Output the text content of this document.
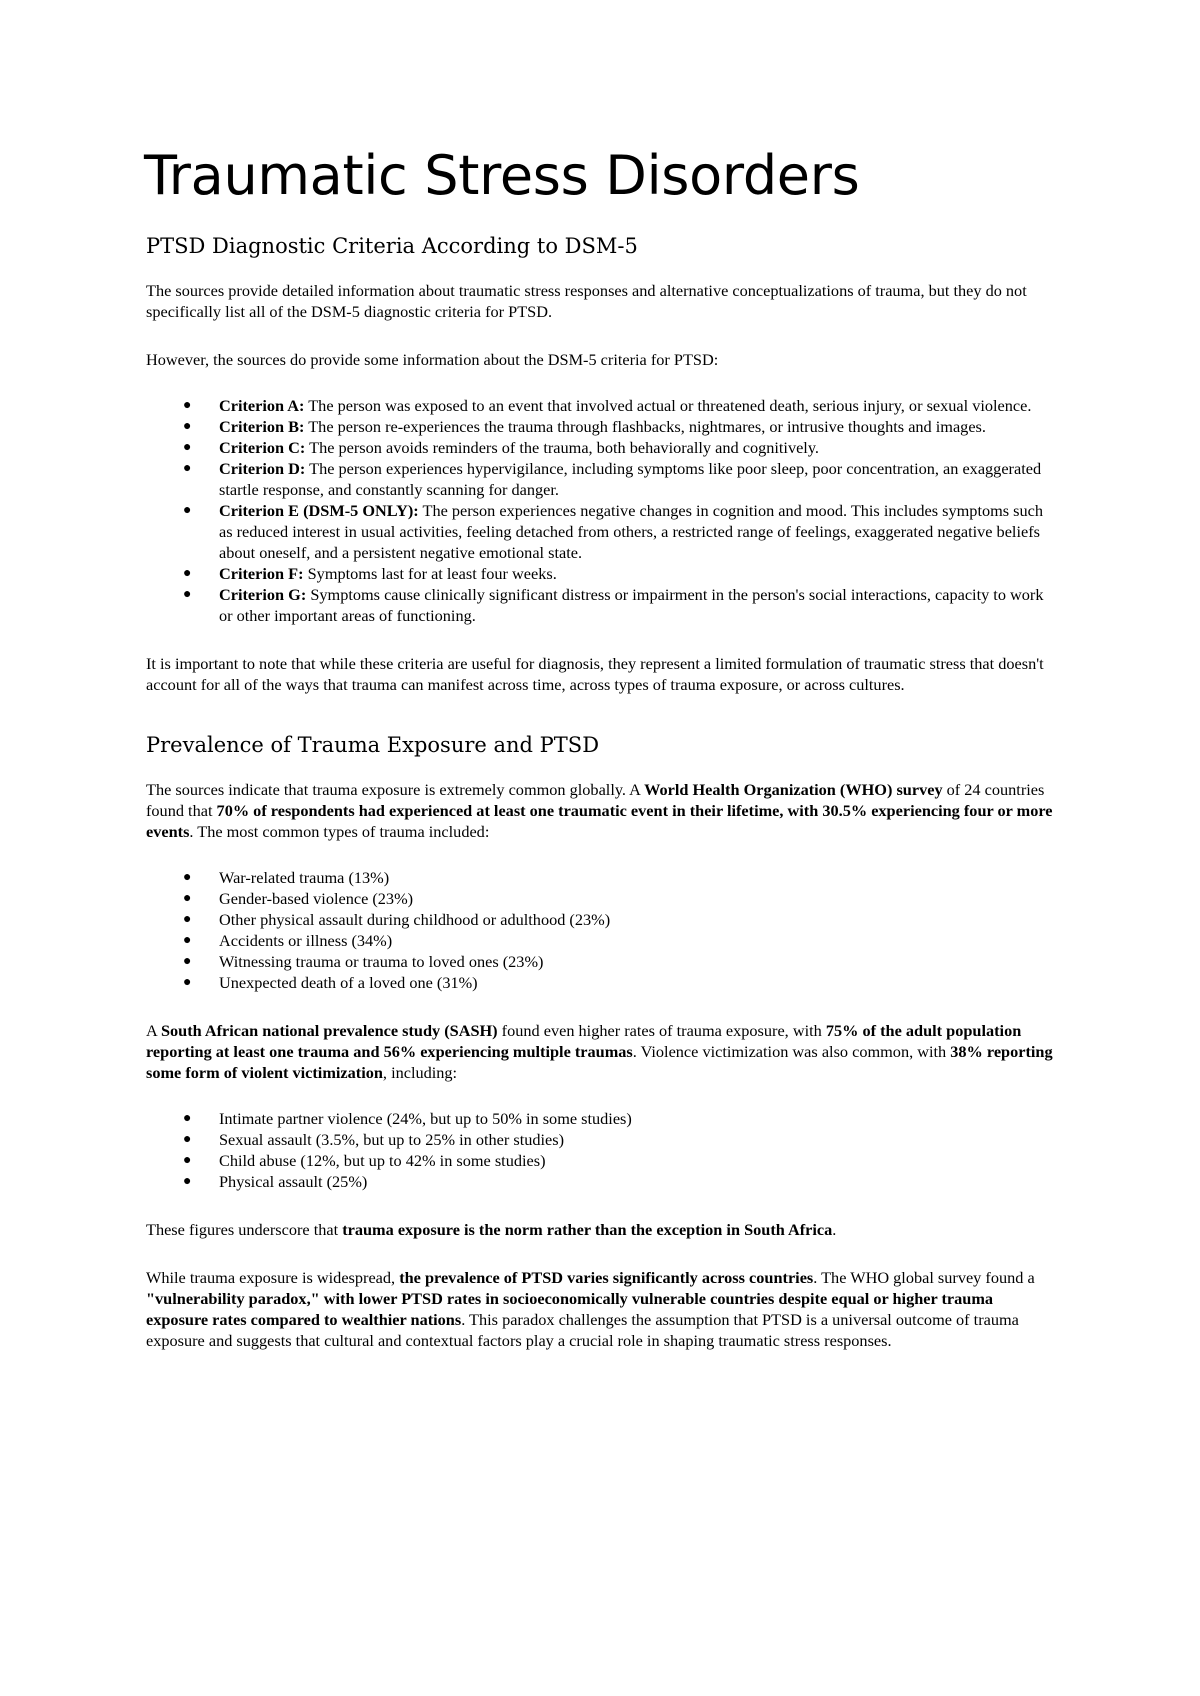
Traumatic Stress Disorders
PTSD Diagnostic Criteria According to DSM-5

The sources provide detailed information about traumatic stress responses and alternative conceptualizations of trauma, but they do not specifically list all of the DSM-5 diagnostic criteria for PTSD.

However, the sources do provide some information about the DSM-5 criteria for PTSD:

● Criterion A: The person was exposed to an event that involved actual or threatened death, serious injury, or sexual violence.
● Criterion B: The person re-experiences the trauma through flashbacks, nightmares, or intrusive thoughts and images.
● Criterion C: The person avoids reminders of the trauma, both behaviorally and cognitively.
● Criterion D: The person experiences hypervigilance, including symptoms like poor sleep, poor concentration, an exaggerated startle response, and constantly scanning for danger.
● Criterion E (DSM-5 ONLY): The person experiences negative changes in cognition and mood. This includes symptoms such as reduced interest in usual activities, feeling detached from others, a restricted range of feelings, exaggerated negative beliefs about oneself, and a persistent negative emotional state.
● Criterion F: Symptoms last for at least four weeks.
● Criterion G: Symptoms cause clinically significant distress or impairment in the person's social interactions, capacity to work or other important areas of functioning.

It is important to note that while these criteria are useful for diagnosis, they represent a limited formulation of traumatic stress that doesn't account for all of the ways that trauma can manifest across time, across types of trauma exposure, or across cultures.

Prevalence of Trauma Exposure and PTSD

The sources indicate that trauma exposure is extremely common globally. A World Health Organization (WHO) survey of 24 countries found that 70% of respondents had experienced at least one traumatic event in their lifetime, with 30.5% experiencing four or more events. The most common types of trauma included:

● War-related trauma (13%)
● Gender-based violence (23%)
● Other physical assault during childhood or adulthood (23%)
● Accidents or illness (34%)
● Witnessing trauma or trauma to loved ones (23%)
● Unexpected death of a loved one (31%)

A South African national prevalence study (SASH) found even higher rates of trauma exposure, with 75% of the adult population reporting at least one trauma and 56% experiencing multiple traumas. Violence victimization was also common, with 38% reporting some form of violent victimization, including:

● Intimate partner violence (24%, but up to 50% in some studies)
● Sexual assault (3.5%, but up to 25% in other studies)
● Child abuse (12%, but up to 42% in some studies)
● Physical assault (25%)

These figures underscore that trauma exposure is the norm rather than the exception in South Africa.

While trauma exposure is widespread, the prevalence of PTSD varies significantly across countries. The WHO global survey found a "vulnerability paradox," with lower PTSD rates in socioeconomically vulnerable countries despite equal or higher trauma exposure rates compared to wealthier nations. This paradox challenges the assumption that PTSD is a universal outcome of trauma exposure and suggests that cultural and contextual factors play a crucial role in shaping traumatic stress responses.
